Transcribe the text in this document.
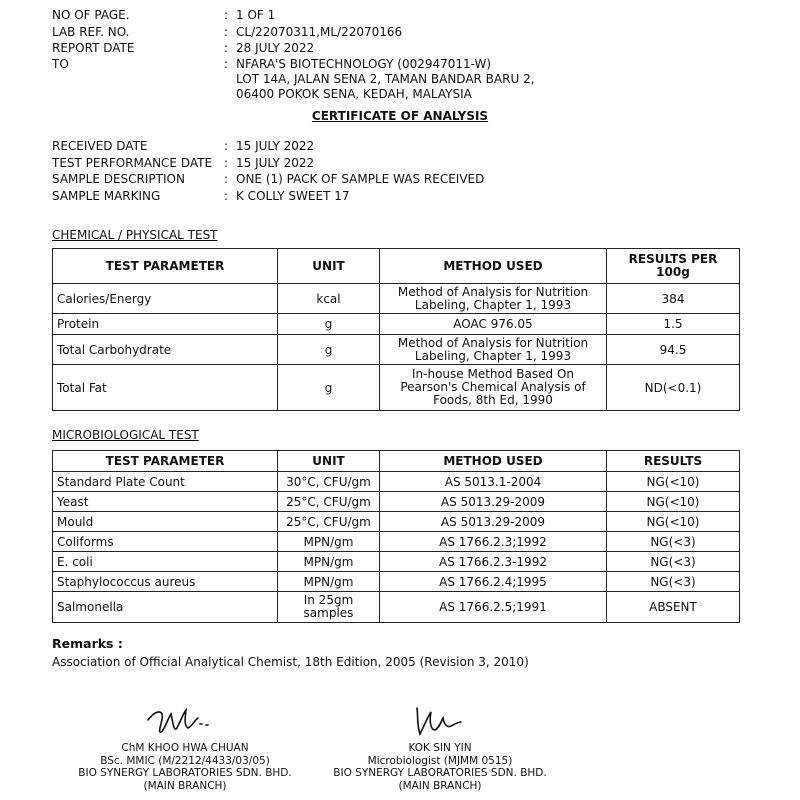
NO OF PAGE.	: 1 OF 1
LAB REF. NO.	: CL/22070311,ML/22070166
REPORT DATE	: 28 JULY 2022
TO	: NFARA'S BIOTECHNOLOGY (002947011-W)
LOT 14A, JALAN SENA 2, TAMAN BANDAR BARU 2,
06400 POKOK SENA, KEDAH, MALAYSIA
CERTIFICATE OF ANALYSIS
RECEIVED DATE	: 15 JULY 2022
TEST PERFORMANCE DATE : 15 JULY 2022
SAMPLE DESCRIPTION	: ONE (1) PACK OF SAMPLE WAS RECEIVED
SAMPLE MARKING	: K COLLY SWEET 17
CHEMICAL / PHYSICAL TEST
TEST PARAMETER	UNIT	METHOD USED	RESULTS PER 100g
Calories/Energy	kcal	Method of Analysis for Nutrition
Labeling, Chapter 1, 1993	384
Protein	g	AOAC 976.05	1.5
Total Carbohydrate	g	Method of Analysis for Nutrition
Labeling, Chapter 1, 1993	94.5
Total Fat	g	In-house Method Based On
Pearson's Chemical Analysis of
Foods, 8th Ed, 1990	ND(<0.1)
MICROBIOLOGICAL TEST
TEST PARAMETER	UNIT	METHOD USED	RESULTS
Standard Plate Count	30°C, CFU/gm	AS 5013.1-2004	NG(<10)
Yeast	25°C, CFU/gm	AS 5013.29-2009	NG(<10)
Mould	25°C, CFU/gm	AS 5013.29-2009	NG(<10)
Coliforms	MPN/gm	AS 1766.2.3;1992	NG(<3)
E. coli	MPN/gm	AS 1766.2.3-1992	NG(<3)
Staphylococcus aureus	MPN/gm	AS 1766.2.4;1995	NG(<3)
Salmonella	In 25gm
samples	AS 1766.2.5;1991	ABSENT
Remarks :
Association of Official Analytical Chemist, 18th Edition, 2005 (Revision 3, 2010)
ChM KHOO HWA CHUAN
BSc. MMIC (M/2212/4433/03/05)
BIO SYNERGY LABORATORIES SDN. BHD.
(MAIN BRANCH)
KOK SIN YIN
Microbiologist (MJMM 0515)
BIO SYNERGY LABORATORIES SDN. BHD.
(MAIN BRANCH)
